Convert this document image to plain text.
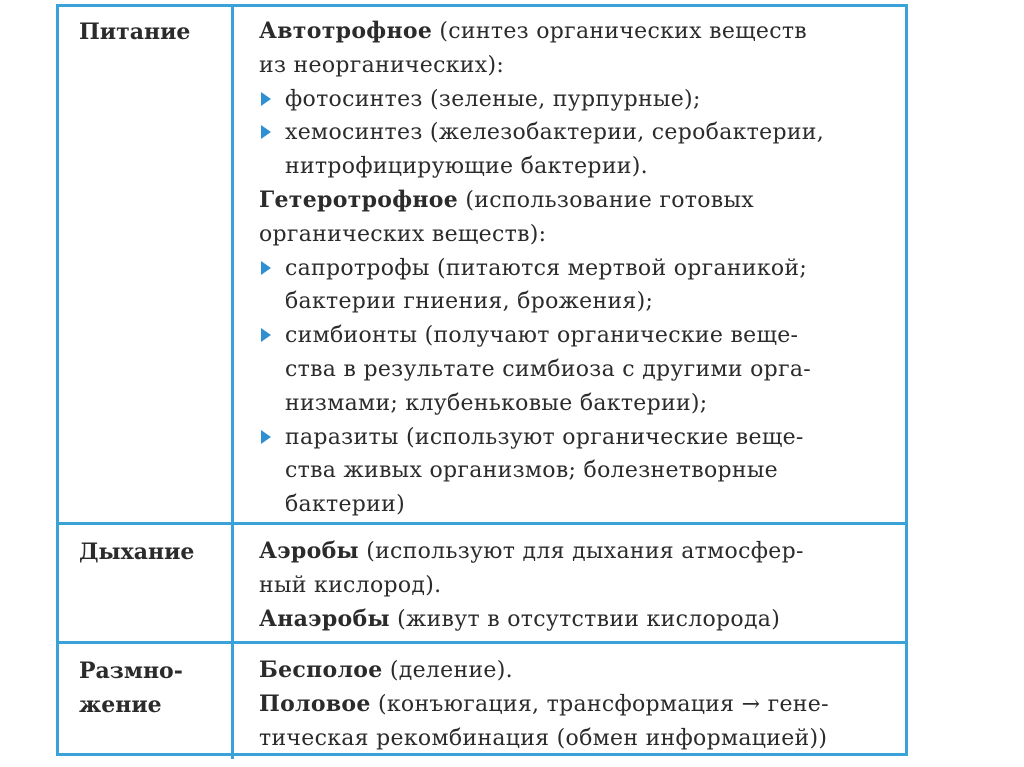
Питание	Автотрофное (синтез органических веществ
из неорганических):
фотосинтез (зеленые, пурпурные);
хемосинтез (железобактерии, серобактерии,
нитрофицирующие бактерии).
Гетеротрофное (использование готовых
органических веществ):
сапротрофы (питаются мертвой органикой;
бактерии гниения, брожения);
симбионты (получают органические веще-
ства в результате симбиоза с другими орга-
низмами; клубеньковые бактерии);
паразиты (используют органические веще-
ства живых организмов; болезнетворные
бактерии)
Дыхание	Аэробы (используют для дыхания атмосфер-
ный кислород).
Анаэробы (живут в отсутствии кислорода)
Размно-
жение
Бесполое (деление).
Половое (конъюгация, трансформация → гене-
тическая рекомбинация (обмен информацией))
